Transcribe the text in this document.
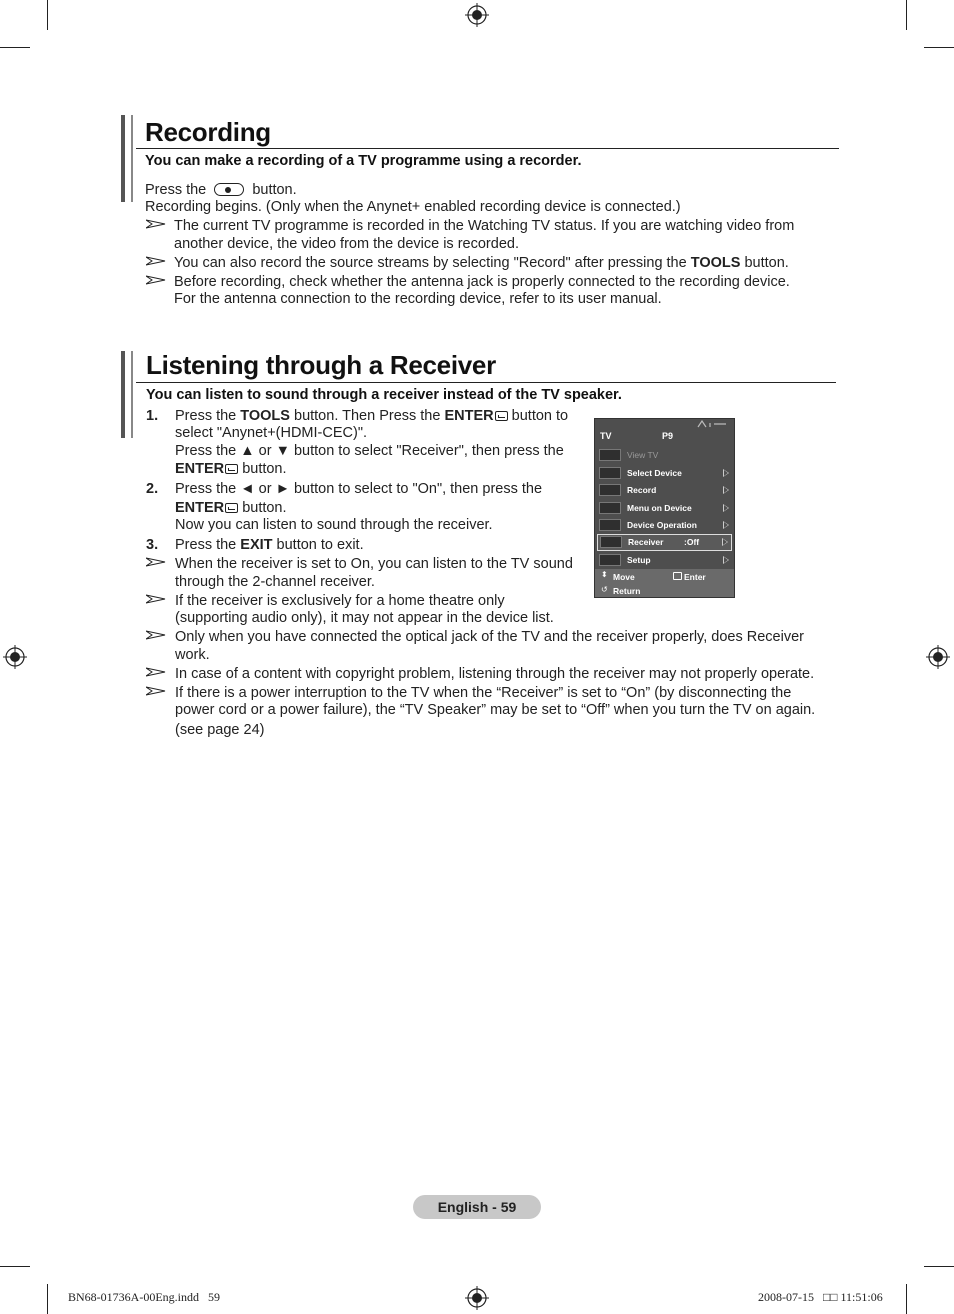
Recording
You can make a recording of a TV programme using a recorder.
Press the	button.
Recording begins. (Only when the Anynet+ enabled recording device is connected.)
The current TV programme is recorded in the Watching TV status. If you are watching video from
another device, the video from the device is recorded.
You can also record the source streams by selecting "Record" after pressing the TOOLS button.
Before recording, check whether the antenna jack is properly connected to the recording device.
For the antenna connection to the recording device, refer to its user manual.
Listening through a Receiver
You can listen to sound through a receiver instead of the TV speaker.
1. Press the TOOLS button. Then Press the ENTER button to
select "Anynet+(HDMI-CEC)".
Press the ▲ or ▼ button to select "Receiver", then press the
ENTER button.
2. Press the ◄ or ► button to select to "On", then press the
ENTER button.
Now you can listen to sound through the receiver.
3. Press the EXIT button to exit.
When the receiver is set to On, you can listen to the TV sound
through the 2-channel receiver.
If the receiver is exclusively for a home theatre only
(supporting audio only), it may not appear in the device list.
Only when you have connected the optical jack of the TV and the receiver properly, does Receiver
work.
In case of a content with copyright problem, listening through the receiver may not properly operate.
If there is a power interruption to the TV when the “Receiver” is set to “On” (by disconnecting the
power cord or a power failure), the “TV Speaker” may be set to “Off” when you turn the TV on again.
(see page 24)
TV	P9
View TV
Select Device
Record
Menu on Device
Device Operation
Receiver :Off
Setup
⬍ Move	Enter
↺ Return
English - 59
BN68-01736A-00Eng.indd   59	2008-07-15   □□ 11:51:06
